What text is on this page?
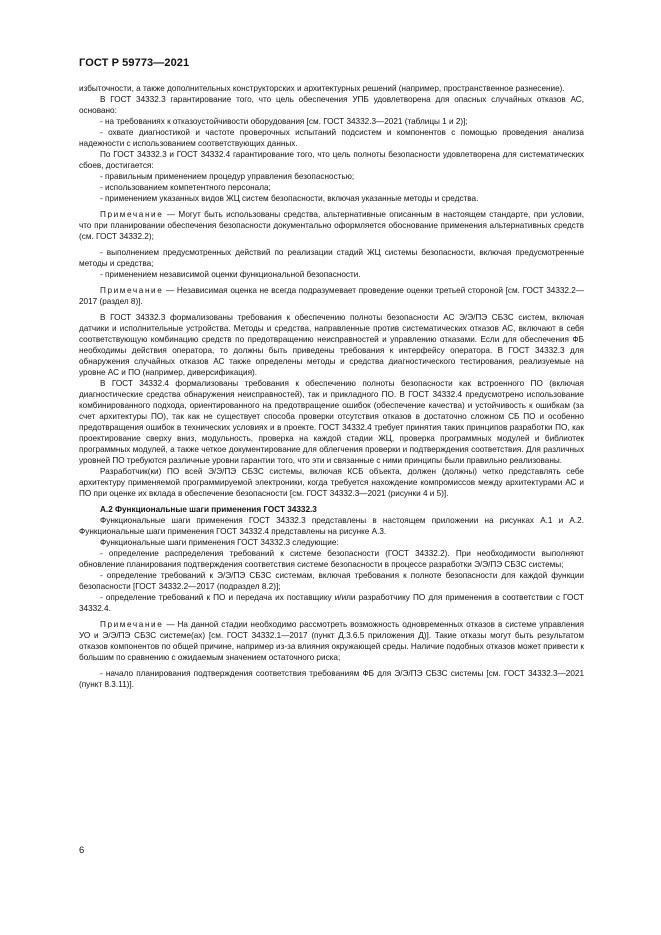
ГОСТ Р 59773—2021

избыточности, а также дополнительных конструкторских и архитектурных решений (например, пространственное разнесение).

В ГОСТ 34332.3 гарантирование того, что цель обеспечения УПБ удовлетворена для опасных случайных отказов АС, основано:

- на требованиях к отказоустойчивости оборудования [см. ГОСТ 34332.3—2021 (таблицы 1 и 2)];

- охвате диагностикой и частоте проверочных испытаний подсистем и компонентов с помощью проведения анализа надежности с использованием соответствующих данных.

По ГОСТ 34332.3 и ГОСТ 34332.4 гарантирование того, что цель полноты безопасности удовлетворена для систематических сбоев, достигается:

- правильным применением процедур управления безопасностью;

- использованием компетентного персонала;

- применением указанных видов ЖЦ систем безопасности, включая указанные методы и средства.

Примечание — Могут быть использованы средства, альтернативные описанным в настоящем стандарте, при условии, что при планировании обеспечения безопасности документально оформляется обоснование применения альтернативных средств (см. ГОСТ 34332.2);

- выполнением предусмотренных действий по реализации стадий ЖЦ системы безопасности, включая предусмотренные методы и средства;

- применением независимой оценки функциональной безопасности.

Примечание — Независимая оценка не всегда подразумевает проведение оценки третьей стороной [см. ГОСТ 34332.2—2017 (раздел 8)].

В ГОСТ 34332.3 формализованы требования к обеспечению полноты безопасности АС Э/Э/ПЭ СБЗС систем, включая датчики и исполнительные устройства. Методы и средства, направленные против систематических отказов АС, включают в себя соответствующую комбинацию средств по предотвращению неисправностей и управлению отказами. Если для обеспечения ФБ необходимы действия оператора, то должны быть приведены требования к интерфейсу оператора. В ГОСТ 34332.3 для обнаружения случайных отказов АС также определены методы и средства диагностического тестирования, реализуемые на уровне АС и ПО (например, диверсификация).

В ГОСТ 34332.4 формализованы требования к обеспечению полноты безопасности как встроенного ПО (включая диагностические средства обнаружения неисправностей), так и прикладного ПО. В ГОСТ 34332.4 предусмотрено использование комбинированного подхода, ориентированного на предотвращение ошибок (обеспечение качества) и устойчивость к ошибкам (за счет архитектуры ПО), так как не существует способа проверки отсутствия отказов в достаточно сложном СБ ПО и особенно предотвращения ошибок в технических условиях и в проекте. ГОСТ 34332.4 требует принятия таких принципов разработки ПО, как проектирование сверху вниз, модульность, проверка на каждой стадии ЖЦ, проверка программных модулей и библиотек программных модулей, а также четкое документирование для облегчения проверки и подтверждения соответствия. Для различных уровней ПО требуются различные уровни гарантии того, что эти и связанные с ними принципы были правильно реализованы.

Разработчик(ки) ПО всей Э/Э/ПЭ СБЗС системы, включая КСБ объекта, должен (должны) четко представлять себе архитектуру применяемой программируемой электроники, когда требуется нахождение компромиссов между архитектурами АС и ПО при оценке их вклада в обеспечение безопасности [см. ГОСТ 34332.3—2021 (рисунки 4 и 5)].

А.2 Функциональные шаги применения ГОСТ 34332.3

Функциональные шаги применения ГОСТ 34332.3 представлены в настоящем приложении на рисунках А.1 и А.2. Функциональные шаги применения ГОСТ 34332.4 представлены на рисунке А.3.

Функциональные шаги применения ГОСТ 34332.3 следующие:

- определение распределения требований к системе безопасности (ГОСТ 34332.2). При необходимости выполняют обновление планирования подтверждения соответствия системе безопасности в процессе разработки Э/Э/ПЭ СБЗС системы;

- определение требований к Э/Э/ПЭ СБЗС системам, включая требования к полноте безопасности для каждой функции безопасности [ГОСТ 34332.2—2017 (подраздел 8.2)];

- определение требований к ПО и передача их поставщику и/или разработчику ПО для применения в соответствии с ГОСТ 34332.4.

Примечание — На данной стадии необходимо рассмотреть возможность одновременных отказов в системе управления УО и Э/Э/ПЭ СБЗС системе(ах) [см. ГОСТ 34332.1—2017 (пункт Д.3.6.5 приложения Д)]. Такие отказы могут быть результатом отказов компонентов по общей причине, например из-за влияния окружающей среды. Наличие подобных отказов может привести к большим по сравнению с ожидаемым значением остаточного риска;

- начало планирования подтверждения соответствия требованиям ФБ для Э/Э/ПЭ СБЗС системы [см. ГОСТ 34332.3—2021 (пункт 8.3.11)].

6
